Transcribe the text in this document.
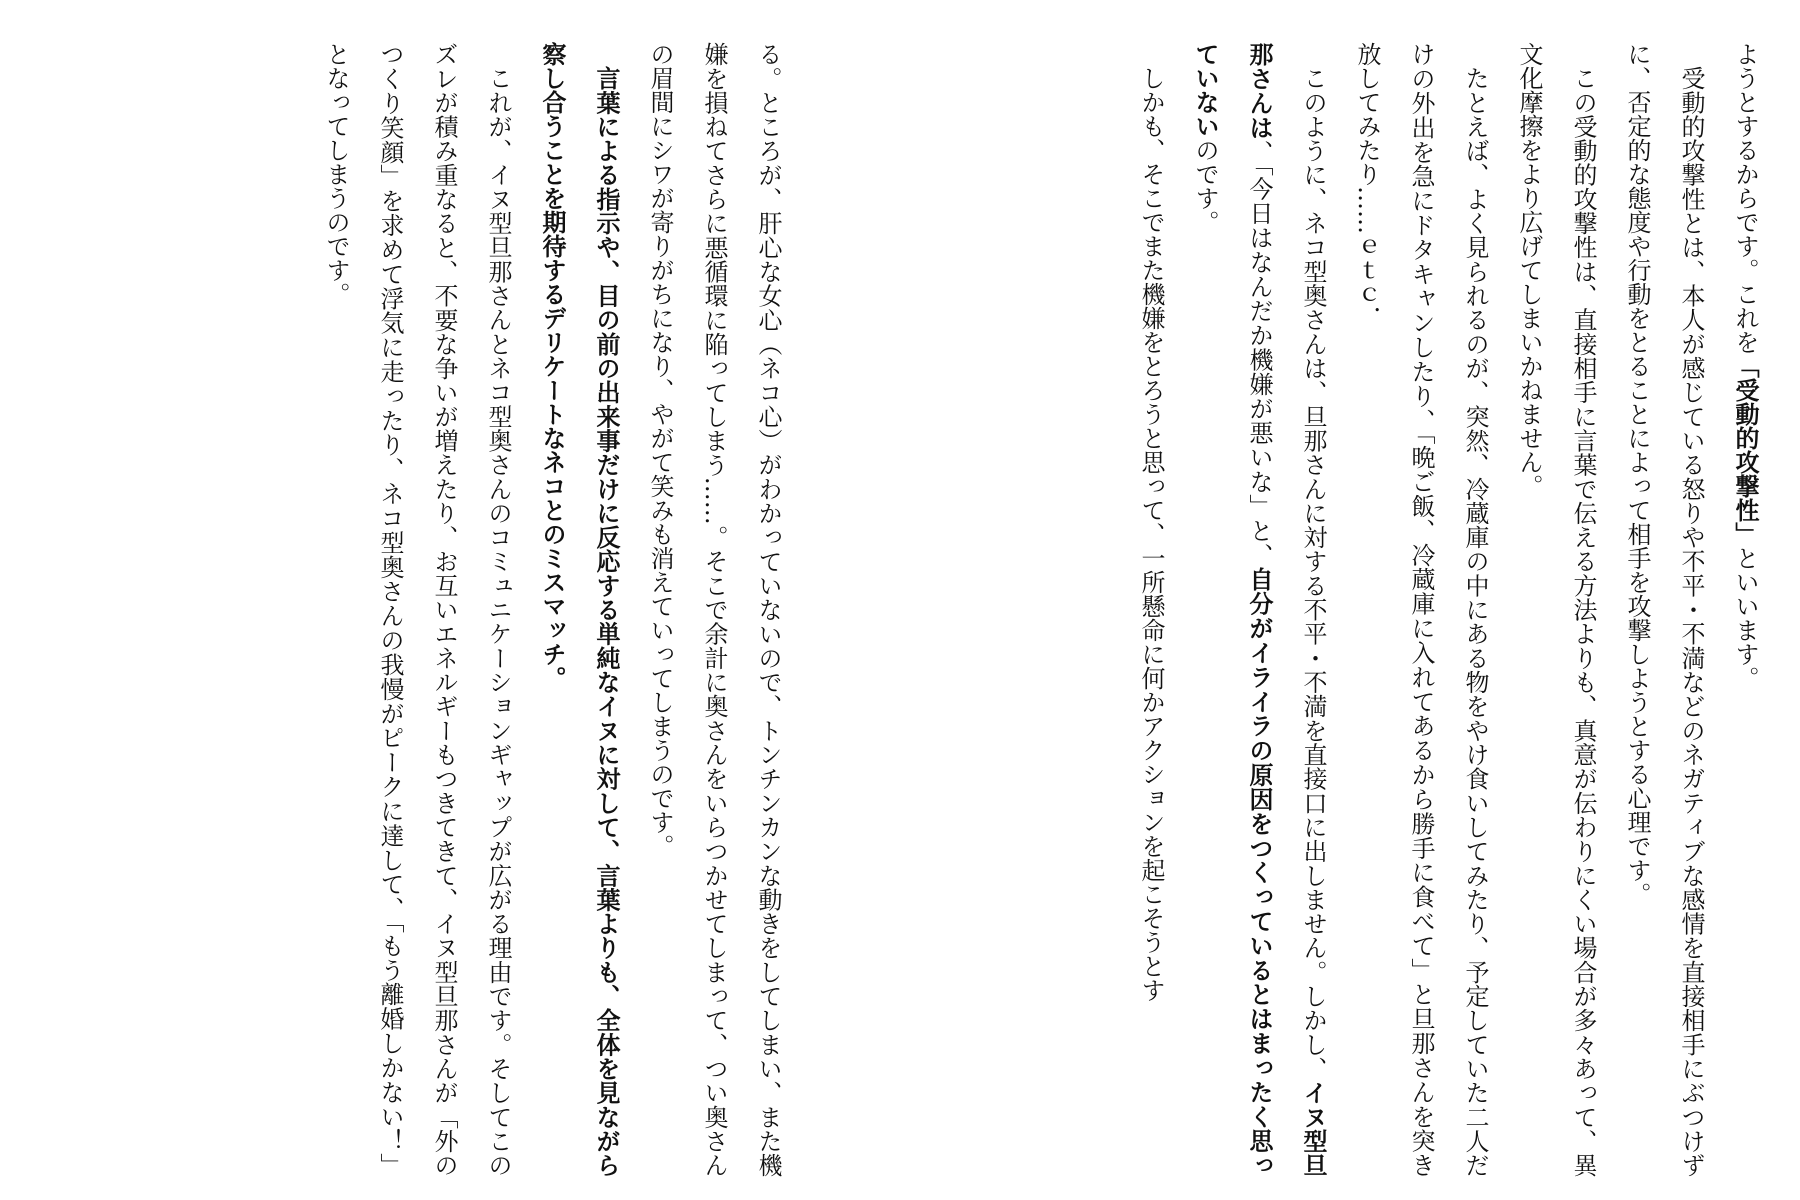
ようとするからです。これを「受動的攻撃性」といいます。

受動的攻撃性とは、本人が感じている怒りや不平・不満などのネガティブな感情を直接相手にぶつけずに、否定的な態度や行動をとることによって相手を攻撃しようとする心理です。

この受動的攻撃性は、直接相手に言葉で伝える方法よりも、真意が伝わりにくい場合が多々あって、異文化摩擦をより広げてしまいかねません。

たとえば、よく見られるのが、突然、冷蔵庫の中にある物をやけ食いしてみたり、予定していた二人だけの外出を急にドタキャンしたり、「晩ご飯、冷蔵庫に入れてあるから勝手に食べて」と旦那さんを突き放してみたり……ｅｔｃ．

このように、ネコ型奥さんは、旦那さんに対する不平・不満を直接口に出しません。しかし、イヌ型旦那さんは、「今日はなんだか機嫌が悪いな」と、自分がイライラの原因をつくっているとはまったく思っていないのです。

しかも、そこでまた機嫌をとろうと思って、一所懸命に何かアクションを起こそうとす

る。ところが、肝心な女心（ネコ心）がわかっていないので、トンチンカンな動きをしてしまい、また機嫌を損ねてさらに悪循環に陥ってしまう……。そこで余計に奥さんをいらつかせてしまって、つい奥さんの眉間にシワが寄りがちになり、やがて笑みも消えていってしまうのです。

言葉による指示や、目の前の出来事だけに反応する単純なイヌに対して、言葉よりも、全体を見ながら察し合うことを期待するデリケートなネコとのミスマッチ。

これが、イヌ型旦那さんとネコ型奥さんのコミュニケーションギャップが広がる理由です。そしてこのズレが積み重なると、不要な争いが増えたり、お互いエネルギーもつきてきて、イヌ型旦那さんが「外のつくり笑顔」を求めて浮気に走ったり、ネコ型奥さんの我慢がピークに達して、「もう離婚しかない！」となってしまうのです。
